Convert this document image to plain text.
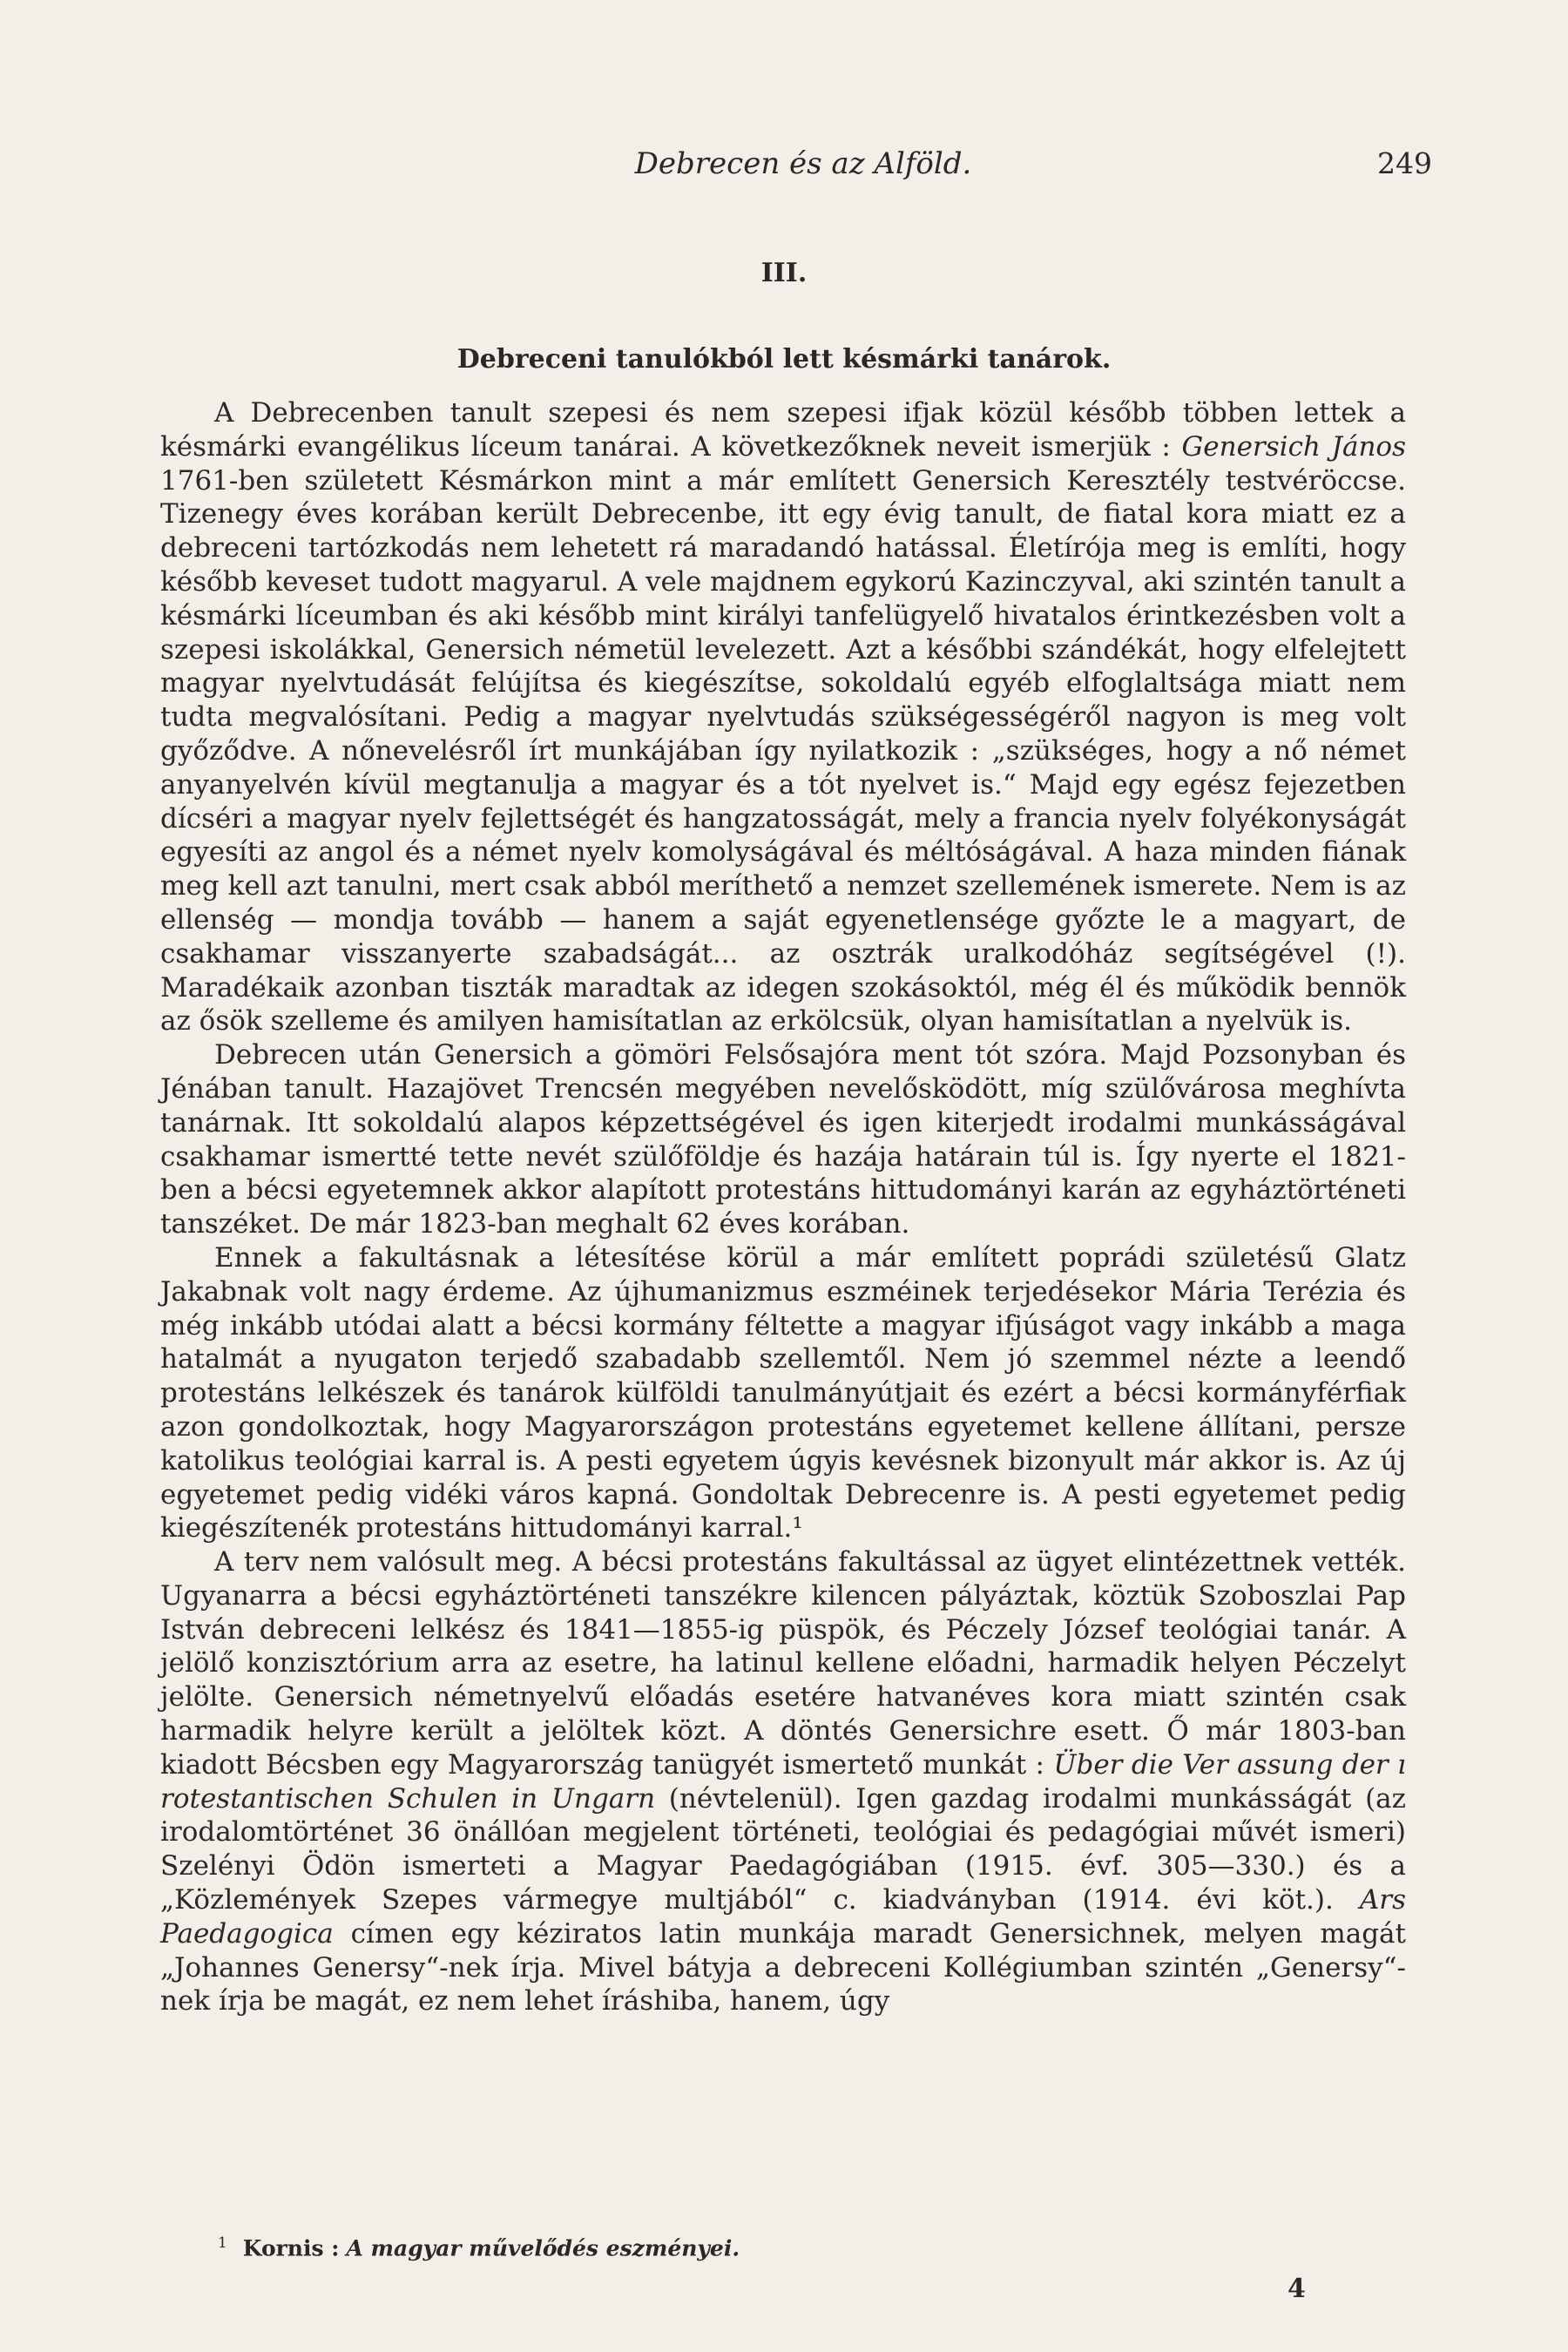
Debrecen és az Alföld.	249
III.
Debreceni tanulókból lett késmárki tanárok.

A Debrecenben tanult szepesi és nem szepesi ifjak közül később többen lettek a késmárki evangélikus líceum tanárai. A következőknek neveit ismerjük : Genersich János 1761-ben született Késmárkon mint a már említett Genersich Keresztély testvéröccse. Tizenegy éves korában került Debrecenbe, itt egy évig tanult, de fiatal kora miatt ez a debreceni tartózkodás nem lehetett rá maradandó hatással. Életírója meg is említi, hogy később keveset tudott magyarul. A vele majdnem egykorú Kazinczyval, aki szintén tanult a késmárki líceumban és aki később mint királyi tanfelügyelő hivatalos érintkezésben volt a szepesi iskolákkal, Genersich németül levelezett. Azt a későbbi szándékát, hogy elfelejtett magyar nyelvtudását felújítsa és kiegészítse, sokoldalú egyéb elfoglaltsága miatt nem tudta megvalósítani. Pedig a magyar nyelvtudás szükségességéről nagyon is meg volt győződve. A nőnevelésről írt munkájában így nyilatkozik : „szükséges, hogy a nő német anyanyelvén kívül megtanulja a magyar és a tót nyelvet is.“ Majd egy egész fejezetben dícséri a magyar nyelv fejlettségét és hangzatosságát, mely a francia nyelv folyékonyságát egyesíti az angol és a német nyelv komolyságával és méltóságával. A haza minden fiának meg kell azt tanulni, mert csak abból meríthető a nemzet szellemének ismerete. Nem is az ellenség — mondja tovább — hanem a saját egyenetlensége győzte le a magyart, de csakhamar visszanyerte szabadságát... az osztrák uralkodóház segítségével (!). Maradékaik azonban tiszták maradtak az idegen szokásoktól, még él és működik bennök az ősök szelleme és amilyen hamisítatlan az erkölcsük, olyan hamisítatlan a nyelvük is.

Debrecen után Genersich a gömöri Felsősajóra ment tót szóra. Majd Pozsonyban és Jénában tanult. Hazajövet Trencsén megyében nevelősködött, míg szülővárosa meghívta tanárnak. Itt sokoldalú alapos képzettségével és igen kiterjedt irodalmi munkásságával csakhamar ismertté tette nevét szülőföldje és hazája határain túl is. Így nyerte el 1821-ben a bécsi egyetemnek akkor alapított protestáns hittudományi karán az egyháztörténeti tanszéket. De már 1823-ban meghalt 62 éves korában.

Ennek a fakultásnak a létesítése körül a már említett poprádi születésű Glatz Jakabnak volt nagy érdeme. Az újhumanizmus eszméinek terjedésekor Mária Terézia és még inkább utódai alatt a bécsi kormány féltette a magyar ifjúságot vagy inkább a maga hatalmát a nyugaton terjedő szabadabb szellemtől. Nem jó szemmel nézte a leendő protestáns lelkészek és tanárok külföldi tanulmányútjait és ezért a bécsi kormányférfiak azon gondolkoztak, hogy Magyarországon protestáns egyetemet kellene állítani, persze katolikus teológiai karral is. A pesti egyetem úgyis kevésnek bizonyult már akkor is. Az új egyetemet pedig vidéki város kapná. Gondoltak Debrecenre is. A pesti egyetemet pedig kiegészítenék protestáns hittudományi karral.¹

A terv nem valósult meg. A bécsi protestáns fakultással az ügyet elintézettnek vették. Ugyanarra a bécsi egyháztörténeti tanszékre kilencen pályáztak, köztük Szoboszlai Pap István debreceni lelkész és 1841—1855-ig püspök, és Péczely József teológiai tanár. A jelölő konzisztórium arra az esetre, ha latinul kellene előadni, harmadik helyen Péczelyt jelölte. Genersich németnyelvű előadás esetére hatvanéves kora miatt szintén csak harmadik helyre került a jelöltek közt. A döntés Genersichre esett. Ő már 1803-ban kiadott Bécsben egy Magyarország tanügyét ismertető munkát : Über die Ver assung der ı rotestantischen Schulen in Ungarn (névtelenül). Igen gazdag irodalmi munkásságát (az irodalomtörténet 36 önállóan megjelent történeti, teológiai és pedagógiai művét ismeri) Szelényi Ödön ismerteti a Magyar Paedagógiában (1915. évf. 305—330.) és a „Közlemények Szepes vármegye multjából“ c. kiadványban (1914. évi köt.). Ars Paedagogica címen egy kéziratos latin munkája maradt Genersichnek, melyen magát „Johannes Genersy“-nek írja. Mivel bátyja a debreceni Kollégiumban szintén „Genersy“-nek írja be magát, ez nem lehet íráshiba, hanem, úgy

$^1$ Kornis : A magyar művelődés eszményei.
4
